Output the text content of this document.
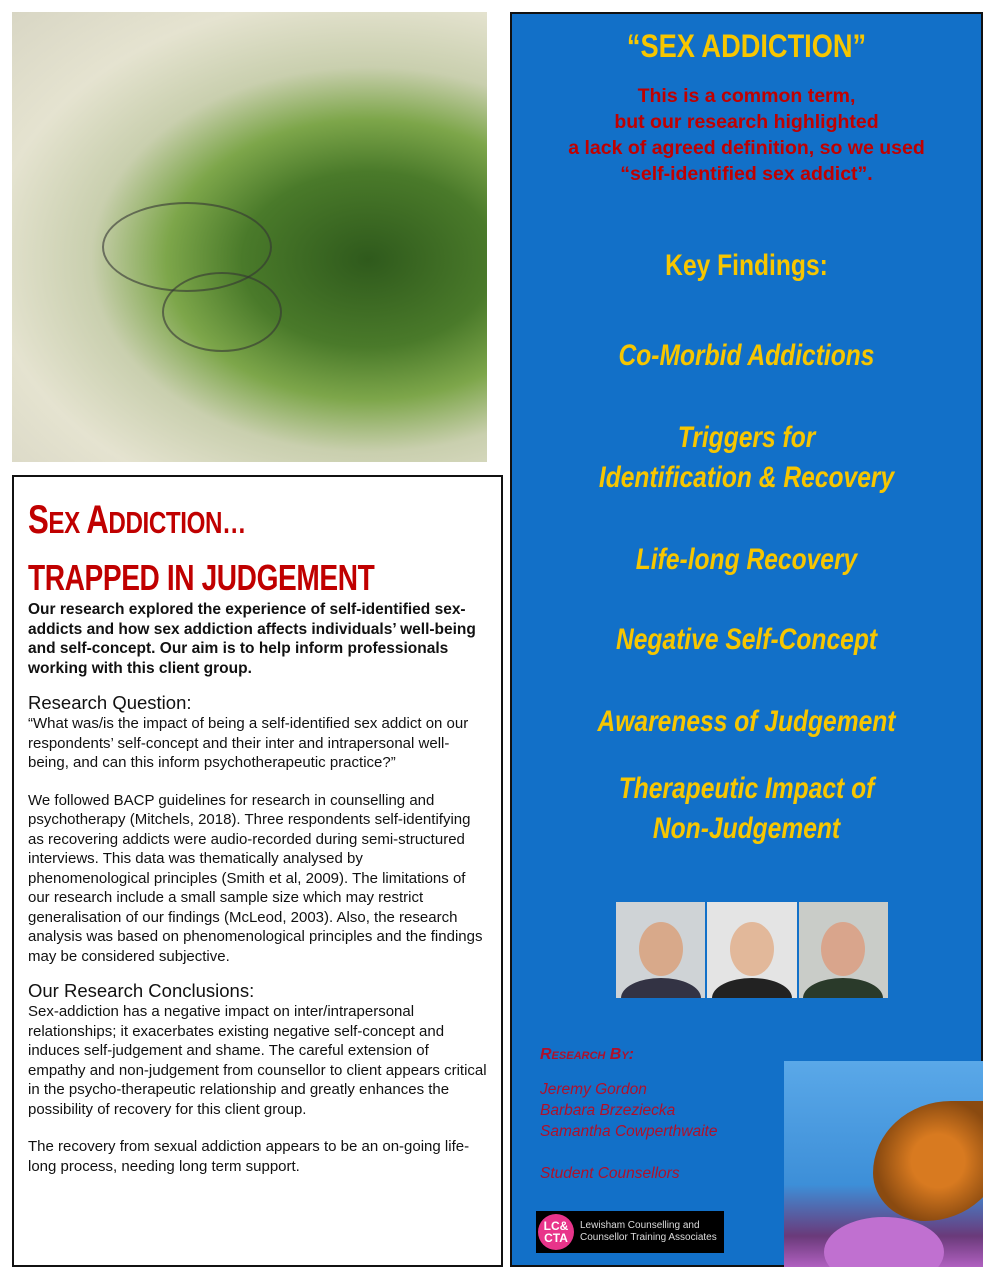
SEX ADDICTION…
TRAPPED IN JUDGEMENT

Our research explored the experience of self-identified sex-addicts and how sex addiction affects individuals’ well-being and self-concept. Our aim is to help inform professionals working with this client group.

Research Question:

“What was/is the impact of being a self-identified sex addict on our respondents’ self-concept and their inter and intrapersonal well-being, and can this inform psychotherapeutic practice?”

We followed BACP guidelines for research in counselling and psychotherapy (Mitchels, 2018). Three respondents self-identifying as recovering addicts were audio-recorded during semi-structured interviews. This data was thematically analysed by phenomenological principles (Smith et al, 2009). The limitations of our research include a small sample size which may restrict generalisation of our findings (McLeod, 2003). Also, the research analysis was based on phenomenological principles and the findings may be considered subjective.

Our Research Conclusions:

Sex-addiction has a negative impact on inter/intrapersonal relationships; it exacerbates existing negative self-concept and induces self-judgement and shame. The careful extension of empathy and non-judgement from counsellor to client appears critical in the psycho-therapeutic relationship and greatly enhances the possibility of recovery for this client group.

The recovery from sexual addiction appears to be an on-going life-long process, needing long term support.

“SEX ADDICTION”
This is a common term,
but our research highlighted
a lack of agreed definition, so we used
“self-identified sex addict”.
Key Findings:
Co-Morbid Addictions
Triggers for
Identification & Recovery
Life-long Recovery
Negative Self-Concept
Awareness of Judgement
Therapeutic Impact of
Non-Judgement
Research By:
Jeremy Gordon
Barbara Brzeziecka
Samantha Cowperthwaite
Student Counsellors
LC& CTA
Lewisham Counselling and
Counsellor Training Associates
